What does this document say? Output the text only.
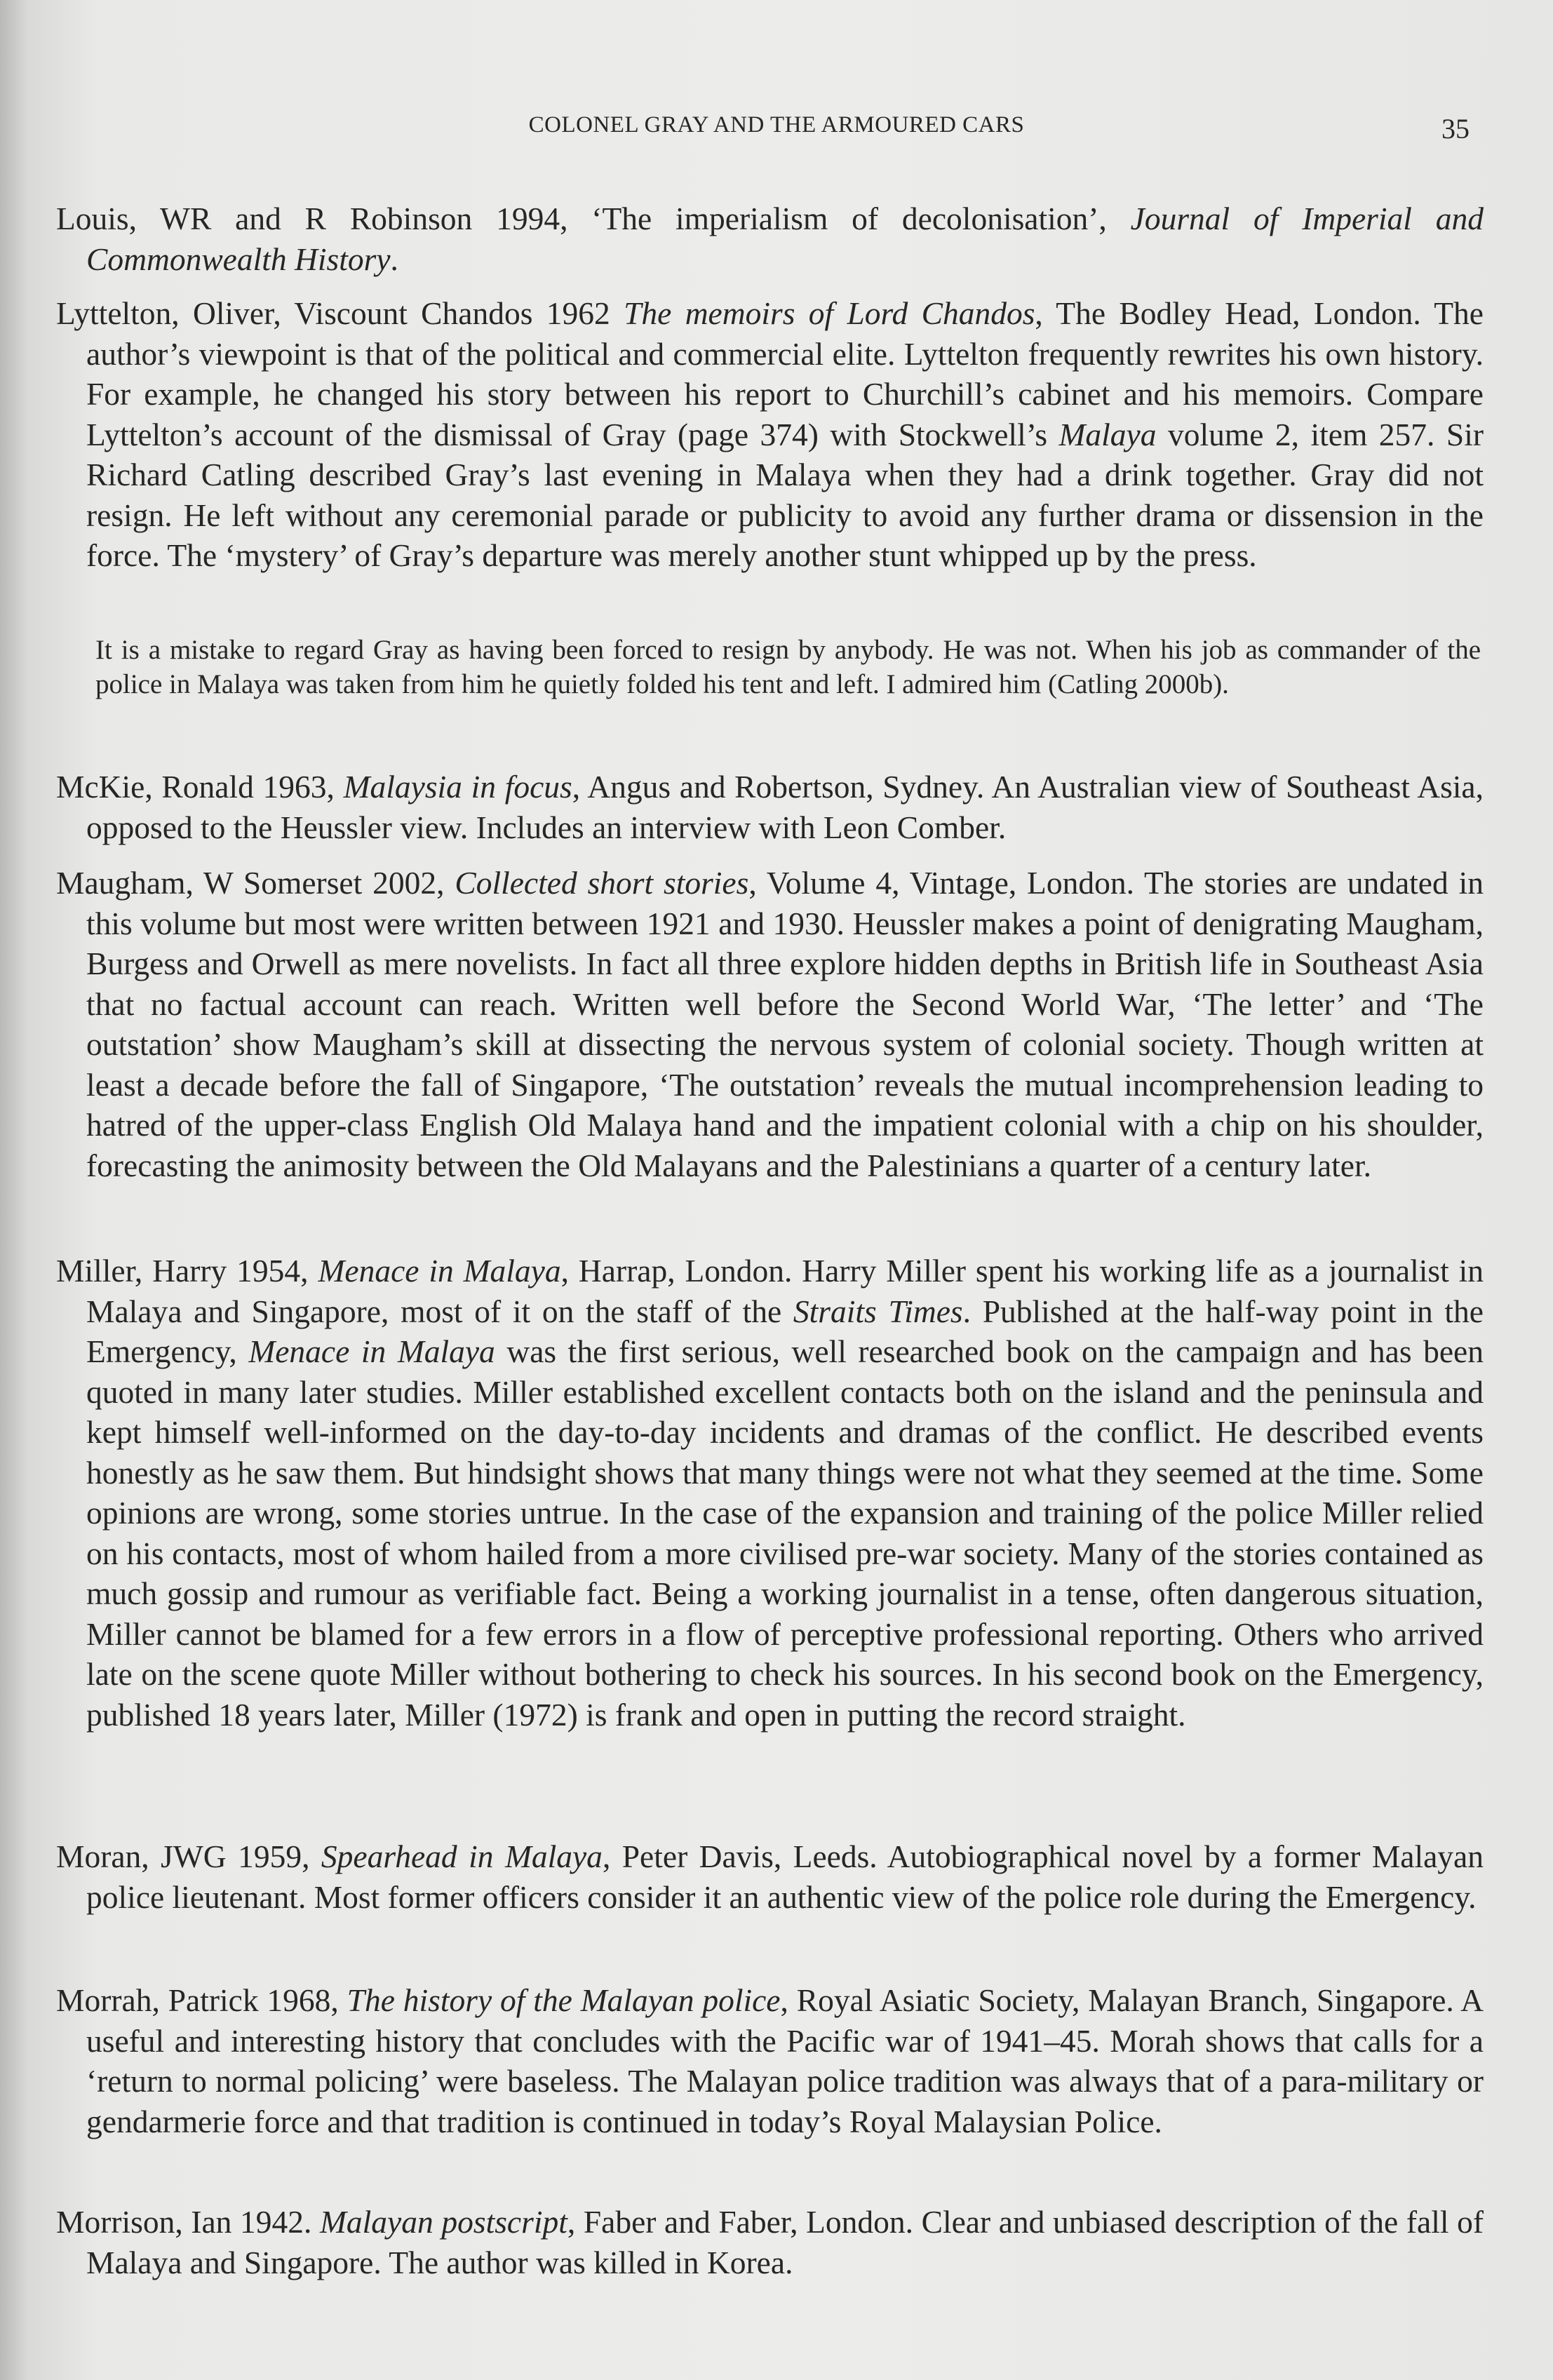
COLONEL GRAY AND THE ARMOURED CARS	35
Louis, WR and R Robinson 1994, ‘The imperialism of decolonisation’, Journal of Imperial and Commonwealth History.
Lyttelton, Oliver, Viscount Chandos 1962 The memoirs of Lord Chandos, The Bodley Head, London. The author’s viewpoint is that of the political and commercial elite. Lyttelton frequently rewrites his own history. For example, he changed his story between his report to Churchill’s cabinet and his memoirs. Compare Lyttelton’s account of the dismissal of Gray (page 374) with Stockwell’s Malaya volume 2, item 257. Sir Richard Catling described Gray’s last evening in Malaya when they had a drink together. Gray did not resign. He left without any ceremonial parade or publicity to avoid any further drama or dissension in the force. The ‘mystery’ of Gray’s departure was merely another stunt whipped up by the press.
It is a mistake to regard Gray as having been forced to resign by anybody. He was not. When his job as commander of the police in Malaya was taken from him he quietly folded his tent and left. I admired him (Catling 2000b).
McKie, Ronald 1963, Malaysia in focus, Angus and Robertson, Sydney. An Australian view of Southeast Asia, opposed to the Heussler view. Includes an interview with Leon Comber.
Maugham, W Somerset 2002, Collected short stories, Volume 4, Vintage, London. The stories are undated in this volume but most were written between 1921 and 1930. Heussler makes a point of denigrating Maugham, Burgess and Orwell as mere novelists. In fact all three explore hidden depths in British life in Southeast Asia that no factual account can reach. Written well before the Second World War, ‘The letter’ and ‘The outstation’ show Maugham’s skill at dissecting the nervous system of colonial society. Though written at least a decade before the fall of Singapore, ‘The outstation’ reveals the mutual incomprehension leading to hatred of the upper-class English Old Malaya hand and the impatient colonial with a chip on his shoulder, forecasting the animosity between the Old Malayans and the Palestinians a quarter of a century later.
Miller, Harry 1954, Menace in Malaya, Harrap, London. Harry Miller spent his working life as a journalist in Malaya and Singapore, most of it on the staff of the Straits Times. Published at the half-way point in the Emergency, Menace in Malaya was the first serious, well researched book on the campaign and has been quoted in many later studies. Miller established excellent contacts both on the island and the peninsula and kept himself well-informed on the day-to-day incidents and dramas of the conflict. He described events honestly as he saw them. But hindsight shows that many things were not what they seemed at the time. Some opinions are wrong, some stories untrue. In the case of the expansion and training of the police Miller relied on his contacts, most of whom hailed from a more civilised pre-war society. Many of the stories contained as much gossip and rumour as verifiable fact. Being a working journalist in a tense, often dangerous situation, Miller cannot be blamed for a few errors in a flow of perceptive professional reporting. Others who arrived late on the scene quote Miller without bothering to check his sources. In his second book on the Emergency, published 18 years later, Miller (1972) is frank and open in putting the record straight.
Moran, JWG 1959, Spearhead in Malaya, Peter Davis, Leeds. Autobiographical novel by a former Malayan police lieutenant. Most former officers consider it an authentic view of the police role during the Emergency.
Morrah, Patrick 1968, The history of the Malayan police, Royal Asiatic Society, Malayan Branch, Singapore. A useful and interesting history that concludes with the Pacific war of 1941–45. Morah shows that calls for a ‘return to normal policing’ were baseless. The Malayan police tradition was always that of a para-military or gendarmerie force and that tradition is continued in today’s Royal Malaysian Police.
Morrison, Ian 1942. Malayan postscript, Faber and Faber, London. Clear and unbiased description of the fall of Malaya and Singapore. The author was killed in Korea.
